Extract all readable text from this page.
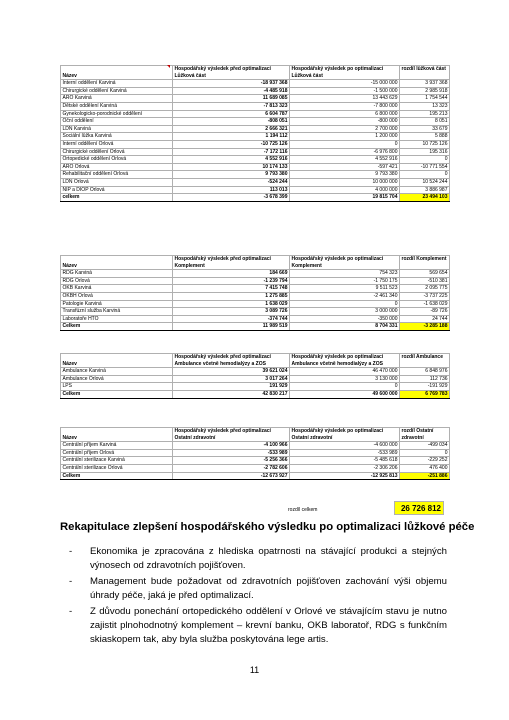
Název	Hospodářský výsledek před optimalizací Lůžková část	Hospodářský výsledek po optimalizaci Lůžková část	rozdíl lůžková část
Interní oddělení Karviná	-18 937 368	-15 000 000	3 937 368
Chirurgické oddělení Karviná	-4 485 918	-1 500 000	2 985 918
ARO Karviná	11 689 085	13 443 629	1 754 544
Dětské oddělení Karviná	-7 813 323	-7 800 000	13 323
Gynekologicko-porodnické oddělení	6 604 787	6 800 000	195 213
Oční oddělení	-808 051	-800 000	8 051
LDN Karviná	2 666 321	2 700 000	33 679
Sociální lůžka Karviná	1 194 112	1 200 000	5 888
Interní oddělení Orlová	-10 725 126	0	10 725 126
Chirurgické oddělení Orlová	-7 172 116	-6 976 800	195 316
Ortopedické oddělení Orlová	4 552 916	4 552 916	0
ARO Orlová	10 174 133	-597 421	-10 771 554
Rehabilitační oddělení Orlová	9 793 380	9 793 380	0
LDN Orlová	-524 244	10 000 000	10 524 244
NIP a DIOP Orlová	113 013	4 000 000	3 886 987
celkem	-3 678 399	19 815 704	23 494 103
Název	Hospodářský výsledek před optimalizací Komplement	Hospodářský výsledek po optimalizaci Komplement	rozdíl Komplement
RDG Karviná	184 669	754 323	569 654
RDG Orlová	-1 239 794	-1 750 175	-510 381
OKB Karviná	7 415 748	9 511 523	2 095 775
OKBH Orlová	1 275 885	-2 461 340	-3 737 225
Patologie Karviná	1 638 029	0	-1 638 029
Transfúzní služba Karviná	3 089 726	3 000 000	-89 726
Laboratoře HTO	-374 744	-350 000	24 744
Celkem	11 989 519	8 704 331	-3 285 188
Název	Hospodářský výsledek před optimalizací Ambulance včetně hemodialýzy a ZOS	Hospodářský výsledek po optimalizaci Ambulance včetně hemodialýzy a ZOS	rozdíl Ambulance
Ambulance Karviná	39 621 024	46 470 000	6 848 976
Ambulance Orlová	3 017 264	3 130 000	112 736
LPS	191 929	0	-191 929
Celkem	42 830 217	49 600 000	6 769 783
Název	Hospodářský výsledek před optimalizací Ostatní zdravotní	Hospodářský výsledek po optimalizaci Ostatní zdravotní	rozdíl Ostatní zdravotní
Centrální příjem Karviná	-4 100 966	-4 600 000	-499 034
Centrální příjem Orlová	-533 989	-533 989	0
Centrální sterilizace Karviná	-5 256 366	-5 485 618	-229 252
Centrální sterilizace Orlová	-2 782 606	-2 306 206	476 400
Celkem	-12 673 927	-12 925 813	-251 886
rozdíl celkem	26 726 812
Rekapitulace zlepšení hospodářského výsledku po optimalizaci lůžkové péče
- Ekonomika je zpracována z hlediska opatrnosti na stávající produkci a stejných výnosech od zdravotních pojišťoven.
- Management bude požadovat od zdravotních pojišťoven zachování výši objemu úhrady péče, jaká je před optimalizací.
- Z důvodu ponechání ortopedického oddělení v Orlové ve stávajícím stavu je nutno zajistit plnohodnotný komplement – krevní banku, OKB laboratoř, RDG s funkčním skiaskopem tak, aby byla služba poskytována lege artis.
11
